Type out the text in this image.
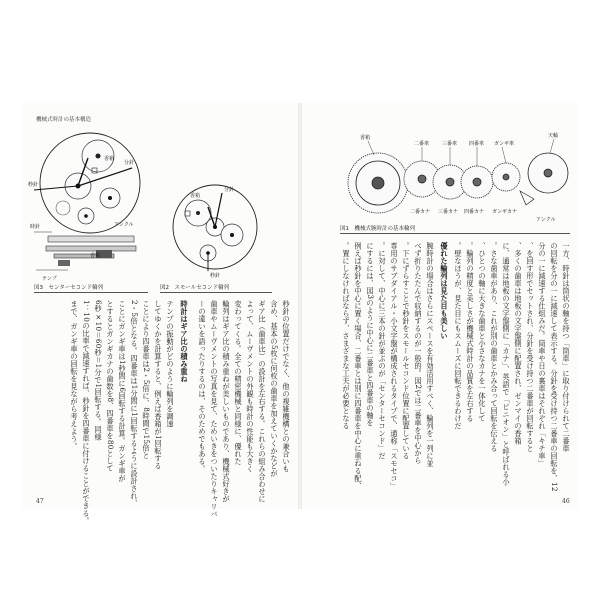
機械式時計の基本構造
香箱
分針
秒針
アンクル
時針
香箱
テンプ
図3　センターセコンド輪列
香箱
分針
秒針
図2　スモールセコンド輪列
香箱
二番車	三番車 四番車 ガンギ車
天輪
二番カナ 三番カナ 四番カナ ガンギカナ
アンクル
図1　機械式腕時計の基本輪列
一方、時針は筒状の軸を持つ「筒車」に取り付けられて二番車
の回転を分の一に減速して表示する。分針を受け持つ二番車の回転を、12
分の一に減速する仕組みだ。筒車や日の裏車はそれぞれ「キチ車」
を回す形でセットされ、分針を受け持つ二番車が回転すると、
多くの歯車は地板の文字盤側に配置され、ゼンマイの香箱、
に、通常は地板の文字盤側に「カナ」、英語で「ピニオン」と呼ばれる小
さな歯車があり、これが別の歯車とかみ合って回転を伝える。
ひとつの軸に大きな歯車と小さなカナを一体化して、
輪列の精度と美しさが機械式時計の品質を左右する。
壁なほうが、見た目にもスムーズに回転できるわけだ。
優れた輪列は見た目も美しい
腕時計の場合はさらにスペースを有効活用すべく、輪列を一列に並
べず折りたたんで収納するのが一般的。図2では二番車を中心から
下にずらすことで秒針をスモールセコンド位置に配置している。
専用のサブダイアル・小文字盤が構成されるタイプで、通称「スモセコ」
に対して、中心に三本の針が並ぶのが「センターセコンド」だ。
にするには、図3のように中心に二番車と四番車の軸を
、例えば秒針を中心に置く場合、二番車とは別に四番車を中心に重ねる配
置にしなければならず、さまざまな工夫が必要となる。
秒針の位置だけでなく、他の複雑機構との兼合いも
含め、基本の5枚に何枚の歯車を加えていくかなどが
ギア比（歯車比）の設計を左右する。これらの組み合わせに
よって、ムーヴメントの外観も時計の性能も大きく
変わってくる。全ての精密機械と同様に、優れた
輪列はギア比の積み重ねが美しいものであり、機械式好きが
歯車やムーヴメントの写真を見て、ためいきをついたりキャリバ
ーの違いを語ったりするのは、そのためでもある。
時計はギア比の積み重ね
テンプの振動がどのように輪列を調速
してゆくかを計算すると、例えば香箱が1回転する
ことにより四番車は2・5倍に、8時間で15倍と
2・5倍となる。四番車は1分間に1回転するように設計され、
ことにガンギ車は1秒間に6回転する計算。ガンギ車が
とするとガンギカナの歯数を8、四番車を80として
6秒×10＝60秒＝1分で1回転する。同様
1：10の比率で減速すれば、秒針を四番車に付けることができる。
まで、ガンギ車の回転を見ながら考えよう。
47	46
